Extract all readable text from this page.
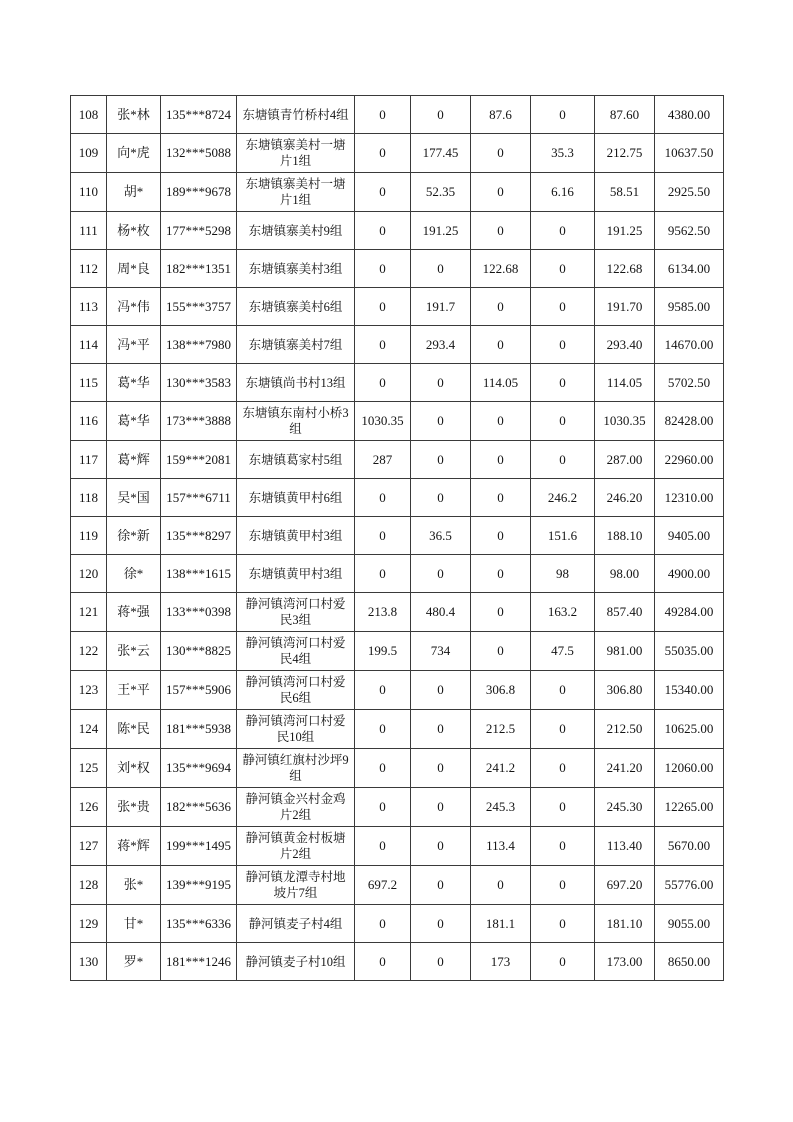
108	张*林	135***8724	东塘镇青竹桥村4组	0	0	87.6	0	87.60	4380.00
109	向*虎	132***5088	东塘镇寨美村一塘片1组	0	177.45	0	35.3	212.75	10637.50
110	胡*	189***9678	东塘镇寨美村一塘片1组	0	52.35	0	6.16	58.51	2925.50
111	杨*枚	177***5298	东塘镇寨美村9组	0	191.25	0	0	191.25	9562.50
112	周*良	182***1351	东塘镇寨美村3组	0	0	122.68	0	122.68	6134.00
113	冯*伟	155***3757	东塘镇寨美村6组	0	191.7	0	0	191.70	9585.00
114	冯*平	138***7980	东塘镇寨美村7组	0	293.4	0	0	293.40	14670.00
115	葛*华	130***3583	东塘镇尚书村13组	0	0	114.05	0	114.05	5702.50
116	葛*华	173***3888	东塘镇东南村小桥3组	1030.35	0	0	0	1030.35	82428.00
117	葛*辉	159***2081	东塘镇葛家村5组	287	0	0	0	287.00	22960.00
118	吴*国	157***6711	东塘镇黄甲村6组	0	0	0	246.2	246.20	12310.00
119	徐*新	135***8297	东塘镇黄甲村3组	0	36.5	0	151.6	188.10	9405.00
120	徐*	138***1615	东塘镇黄甲村3组	0	0	0	98	98.00	4900.00
121	蒋*强	133***0398	静河镇湾河口村爱民3组	213.8	480.4	0	163.2	857.40	49284.00
122	张*云	130***8825	静河镇湾河口村爱民4组	199.5	734	0	47.5	981.00	55035.00
123	王*平	157***5906	静河镇湾河口村爱民6组	0	0	306.8	0	306.80	15340.00
124	陈*民	181***5938	静河镇湾河口村爱民10组	0	0	212.5	0	212.50	10625.00
125	刘*权	135***9694	静河镇红旗村沙坪9组	0	0	241.2	0	241.20	12060.00
126	张*贵	182***5636	静河镇金兴村金鸡片2组	0	0	245.3	0	245.30	12265.00
127	蒋*辉	199***1495	静河镇黄金村板塘片2组	0	0	113.4	0	113.40	5670.00
128	张*	139***9195	静河镇龙潭寺村地坡片7组	697.2	0	0	0	697.20	55776.00
129	甘*	135***6336	静河镇麦子村4组	0	0	181.1	0	181.10	9055.00
130	罗*	181***1246	静河镇麦子村10组	0	0	173	0	173.00	8650.00
